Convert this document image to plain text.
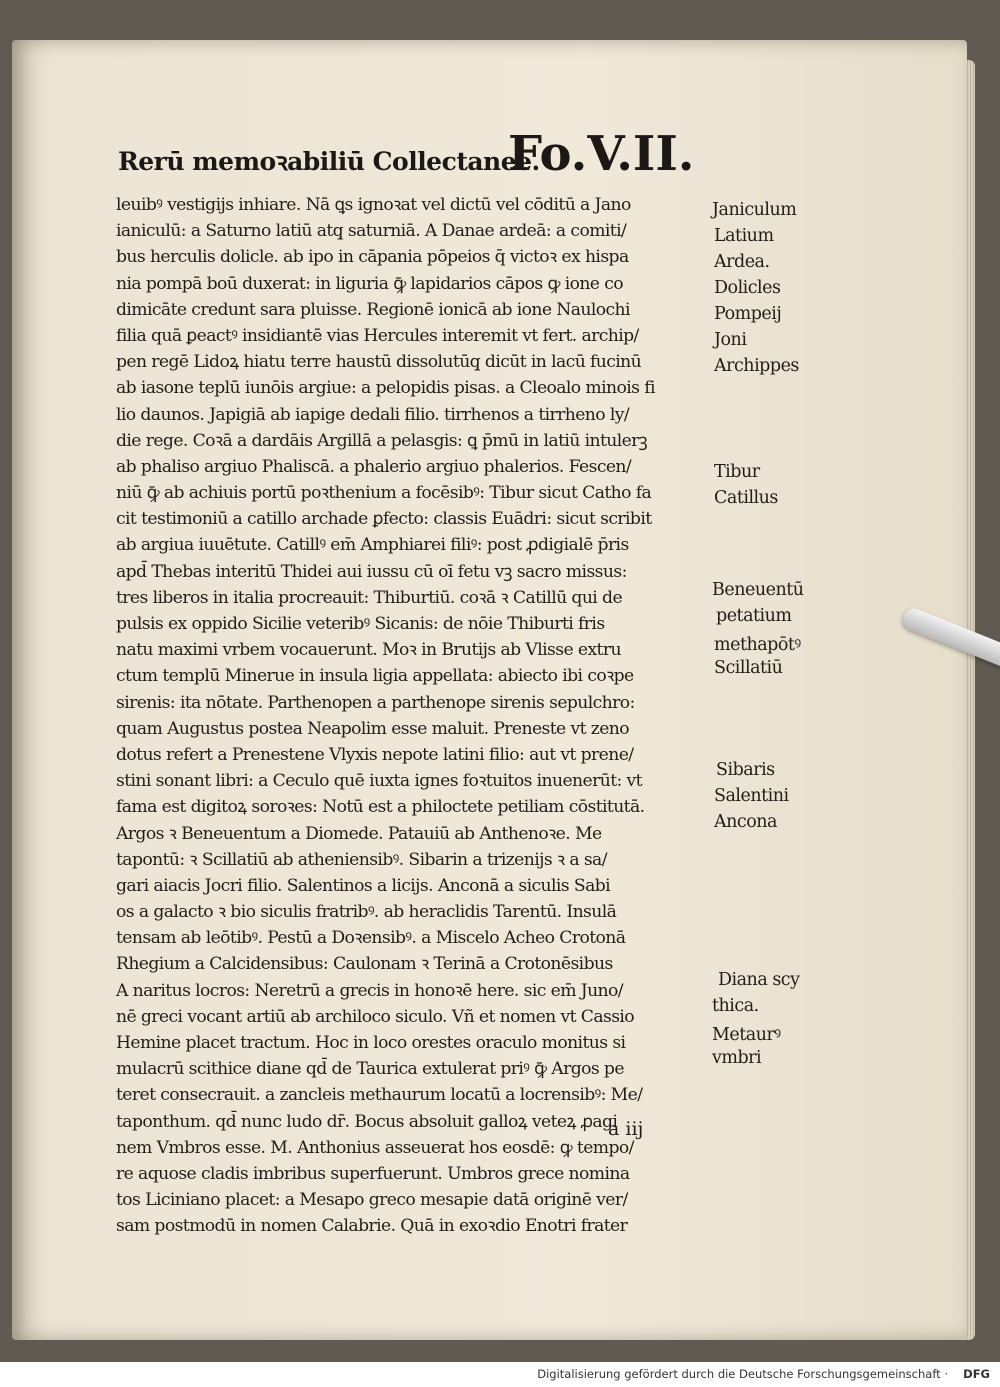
Rerū memoꝛabiliū Collectanee.
Fo.V.II.
leuibꝰ vestigijs inhiare. Nā ꝗs ignoꝛat vel dictū vel cōditū a Jano
ianiculū: a Saturno latiū atq̧ saturniā. A Danae ardeā: a comiti/
bus herculis dolicle. ab ipo in cāpania pōpeios q̄ victoꝛ ex hispa
nia pompā boū duxerat: in liguria ꝙ̄ lapidarios cāpos ꝙ ione co
dimicāte credunt sara pluisse. Regionē ionicā ab ione Naulochi
filia quā ꝑeactꝰ insidiantē vias Hercules interemit vt fert. archip/
pen regē Lidoꝝ hiatu terre haustū dissolutūq̧ dicūt in lacū fucinū
ab iasone teplū iunōis argiue: a pelopidis pisas. a Cleoalo minois fi
lio daunos. Japigiā ab iapige dedali filio. tirrhenos a tirrheno ly/
die rege. Coꝛā a dardāis Argillā a pelasgis: ꝗ p̄mū in latiū intulerꝫ
ab phaliso argiuo Phaliscā. a phalerio argiuo phalerios. Fescen/
niū ꝙ̄ ab achiuis portū poꝛthenium a focēsibꝰ: Tibur sicut Catho fa
cit testimoniū a catillo archade ꝑfecto: classis Euādri: sicut scribit
ab argiua iuuētute. Catillꝰ em̄ Amphiarei filiꝰ: post ꝓdigialē p̄ris
apd̄ Thebas interitū Thidei aui iussu cū oī fetu vꝫ sacro missus:
tres liberos in italia procreauit: Thiburtiū. coꝛā ꝛ Catillū qui de
pulsis ex oppido Sicilie veteribꝰ Sicanis: de nōie Thiburti fris
natu maximi vrbem vocauerunt. Moꝛ in Brutijs ab Vlisse extru
ctum templū Minerue in insula ligia appellata: abiecto ibi coꝛpe
sirenis: ita nōtate. Parthenopen a parthenope sirenis sepulchro:
quam Augustus postea Neapolim esse maluit. Preneste vt zeno
dotus refert a Prenestene Vlyxis nepote latini filio: aut vt prene/
stini sonant libri: a Ceculo quē iuxta ignes foꝛtuitos inuenerūt: vt
fama est digitoꝝ soroꝛes: Notū est a philoctete petiliam cōstitutā.
Argos ꝛ Beneuentum a Diomede. Patauiū ab Anthenoꝛe. Me
tapontū: ꝛ Scillatiū ab atheniensibꝰ. Sibarin a trizenijs ꝛ a sa/
gari aiacis Jocri filio. Salentinos a licijs. Anconā a siculis Sabi
os a galacto ꝛ bio siculis fratribꝰ. ab heraclidis Tarentū. Insulā
tensam ab leōtibꝰ. Pestū a Doꝛensibꝰ. a Miscelo Acheo Crotonā
Rhegium a Calcidensibus: Caulonam ꝛ Terinā a Crotonēsibus
A naritus locros: Neretrū a grecis in honoꝛē here. sic em̄ Juno/
nē greci vocant artiū ab archiloco siculo. Vñ et nomen vt Cassio
Hemine placet tractum. Hoc in loco orestes oraculo monitus si
mulacrū scithice diane qd̄ de Taurica extulerat priꝰ ꝙ̄ Argos pe
teret consecrauit. a zancleis methaurum locatū a locrensibꝰ: Me/
taponthum. qd̄ nunc ludo dr̄. Bocus absoluit galloꝝ veteꝝ ꝓagi
nem Vmbros esse. M. Anthonius asseuerat hos eosdē: ꝙ tempo/
re aquose cladis imbribus superfuerunt. Umbros grece nomina
tos Liciniano placet: a Mesapo greco mesapie datā originē ver/
sam postmodū in nomen Calabrie. Quā in exoꝛdio Enotri frater
Janiculum
Latium
Ardea.
Dolicles
Pompeij
Joni
Archippes
Tibur
Catillus
Beneuentū
petatium
methapōtꝰ
Scillatiū
Sibaris
Salentini
Ancona
Diana scy
thica.
Metaurꝰ
vmbri
a iij
Digitalisierung gefördert durch die Deutsche Forschungsgemeinschaft · DFG
